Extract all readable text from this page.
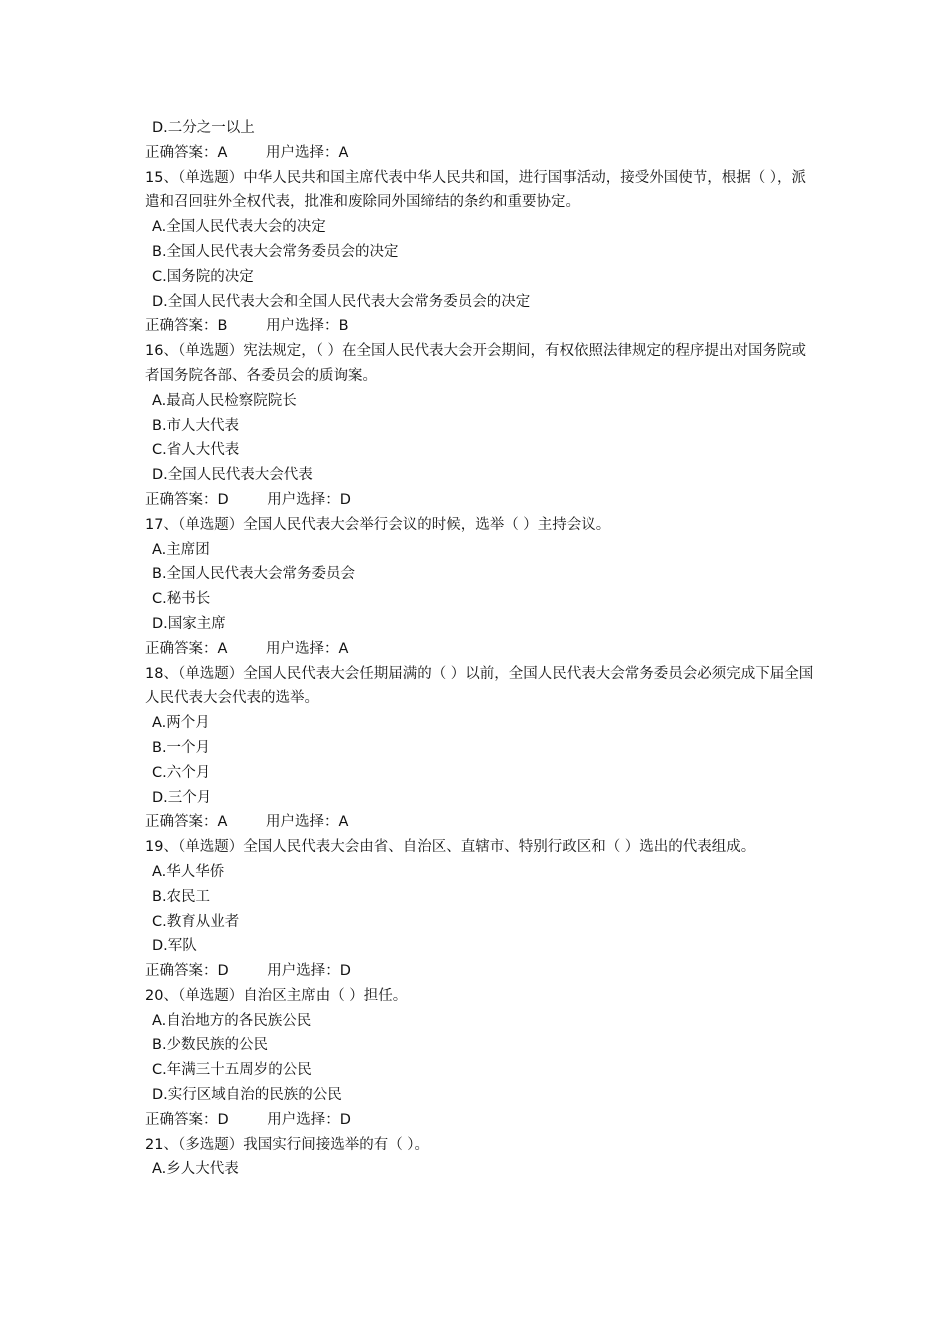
D.二分之一以上
正确答案：A	用户选择：A
15、（单选题）中华人民共和国主席代表中华人民共和国，进行国事活动，接受外国使节，根据（ ），派遣和召回驻外全权代表，批准和废除同外国缔结的条约和重要协定。
A.全国人民代表大会的决定
B.全国人民代表大会常务委员会的决定
C.国务院的决定
D.全国人民代表大会和全国人民代表大会常务委员会的决定
正确答案：B	用户选择：B
16、（单选题）宪法规定，（ ）在全国人民代表大会开会期间，有权依照法律规定的程序提出对国务院或者国务院各部、各委员会的质询案。
A.最高人民检察院院长
B.市人大代表
C.省人大代表
D.全国人民代表大会代表
正确答案：D	用户选择：D
17、（单选题）全国人民代表大会举行会议的时候，选举（ ）主持会议。
A.主席团
B.全国人民代表大会常务委员会
C.秘书长
D.国家主席
正确答案：A	用户选择：A
18、（单选题）全国人民代表大会任期届满的（ ）以前，全国人民代表大会常务委员会必须完成下届全国人民代表大会代表的选举。
A.两个月
B.一个月
C.六个月
D.三个月
正确答案：A	用户选择：A
19、（单选题）全国人民代表大会由省、自治区、直辖市、特别行政区和（ ）选出的代表组成。
A.华人华侨
B.农民工
C.教育从业者
D.军队
正确答案：D	用户选择：D
20、（单选题）自治区主席由（ ）担任。
A.自治地方的各民族公民
B.少数民族的公民
C.年满三十五周岁的公民
D.实行区域自治的民族的公民
正确答案：D	用户选择：D
21、（多选题）我国实行间接选举的有（ ）。
A.乡人大代表
